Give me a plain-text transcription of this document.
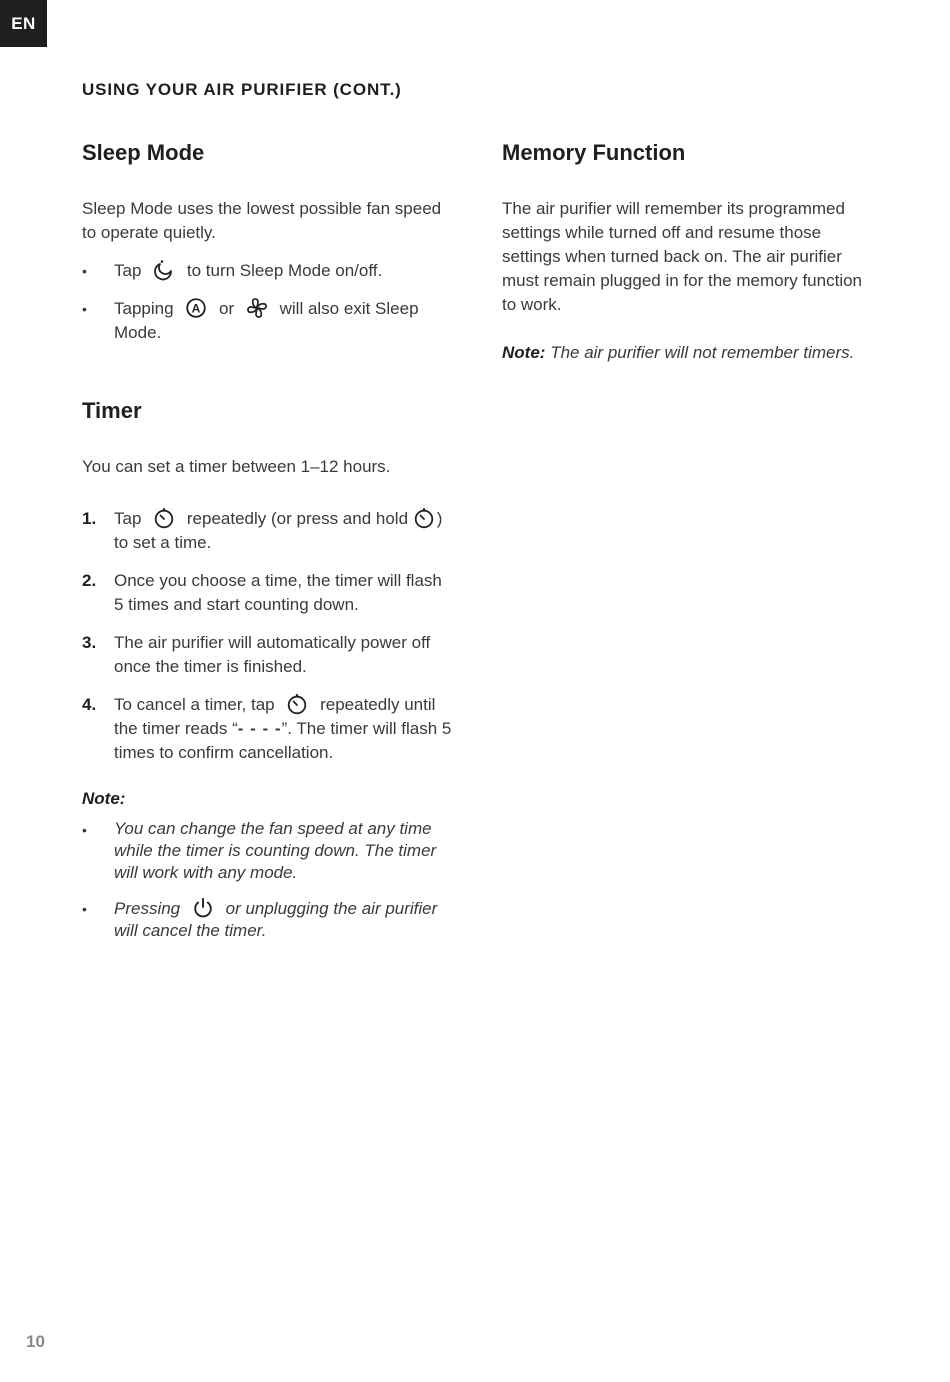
EN
USING YOUR AIR PURIFIER (CONT.)
Sleep Mode

Sleep Mode uses the lowest possible fan speed to operate quietly.

• Tap	to turn Sleep Mode on/off.
• Tapping A or	will also exit Sleep Mode.
Timer

You can set a timer between 1–12 hours.

1. Tap	repeatedly (or press and hold ) to set a time.
2. Once you choose a time, the timer will flash 5 times and start counting down.
3. The air purifier will automatically power off once the timer is finished.
4. To cancel a timer, tap	repeatedly until the timer reads “- - - -”. The timer will flash 5 times to confirm cancellation.
Note:
• You can change the fan speed at any time while the timer is counting down. The timer will work with any mode.

• Pressing	or unplugging the air purifier will cancel the timer.

Memory Function

The air purifier will remember its programmed settings while turned off and resume those settings when turned back on. The air purifier must remain plugged in for the memory function to work.

Note: The air purifier will not remember timers.

10
